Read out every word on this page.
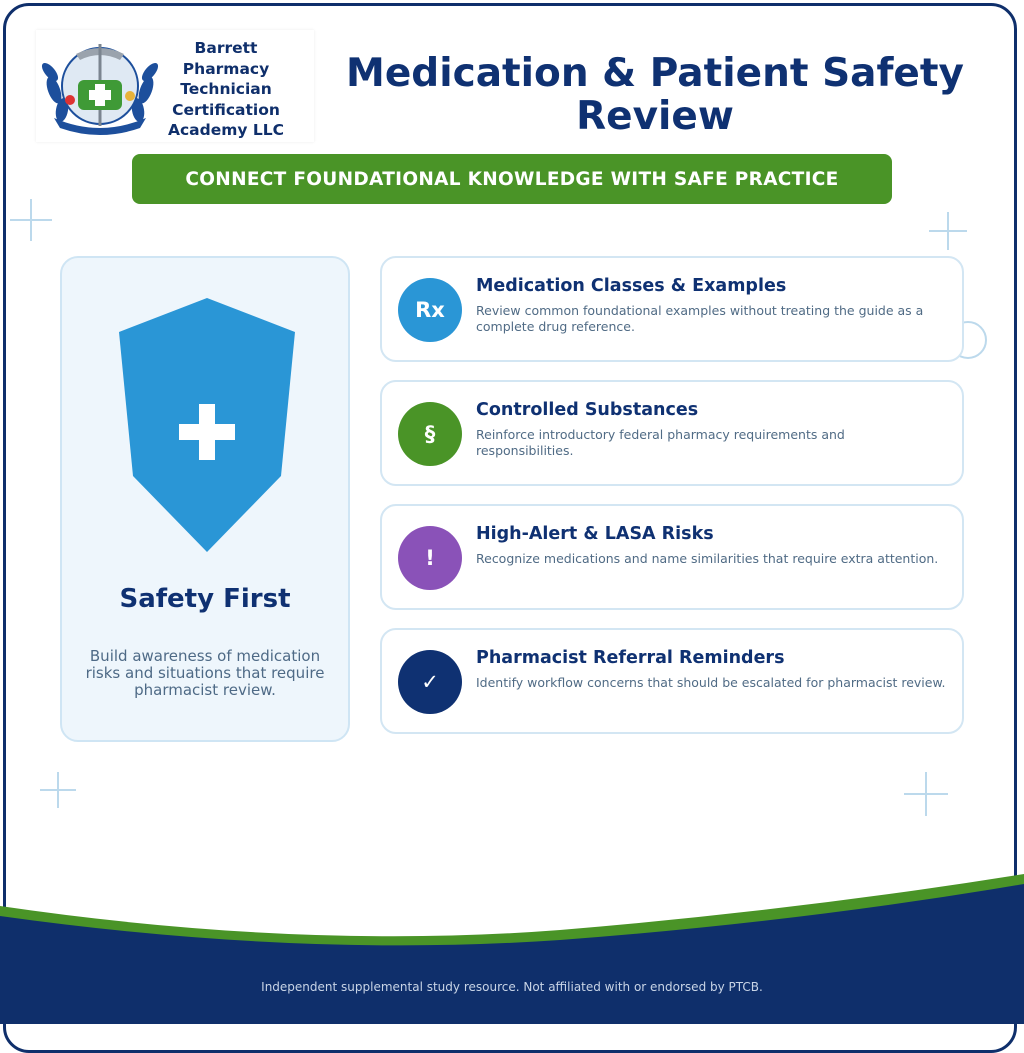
Barrett
Pharmacy
Technician
Certification
Academy LLC
Medication & Patient Safety Review
CONNECT FOUNDATIONAL KNOWLEDGE WITH SAFE PRACTICE
Safety First
Build awareness of medication risks and situations that require pharmacist review.
Rx
Medication Classes & Examples
Review common foundational examples without treating the guide as a complete drug reference.
§
Controlled Substances
Reinforce introductory federal pharmacy requirements and responsibilities.
!
High-Alert & LASA Risks
Recognize medications and name similarities that require extra attention.
✓
Pharmacist Referral Reminders
Identify workflow concerns that should be escalated for pharmacist review.
Independent supplemental study resource. Not affiliated with or endorsed by PTCB.
